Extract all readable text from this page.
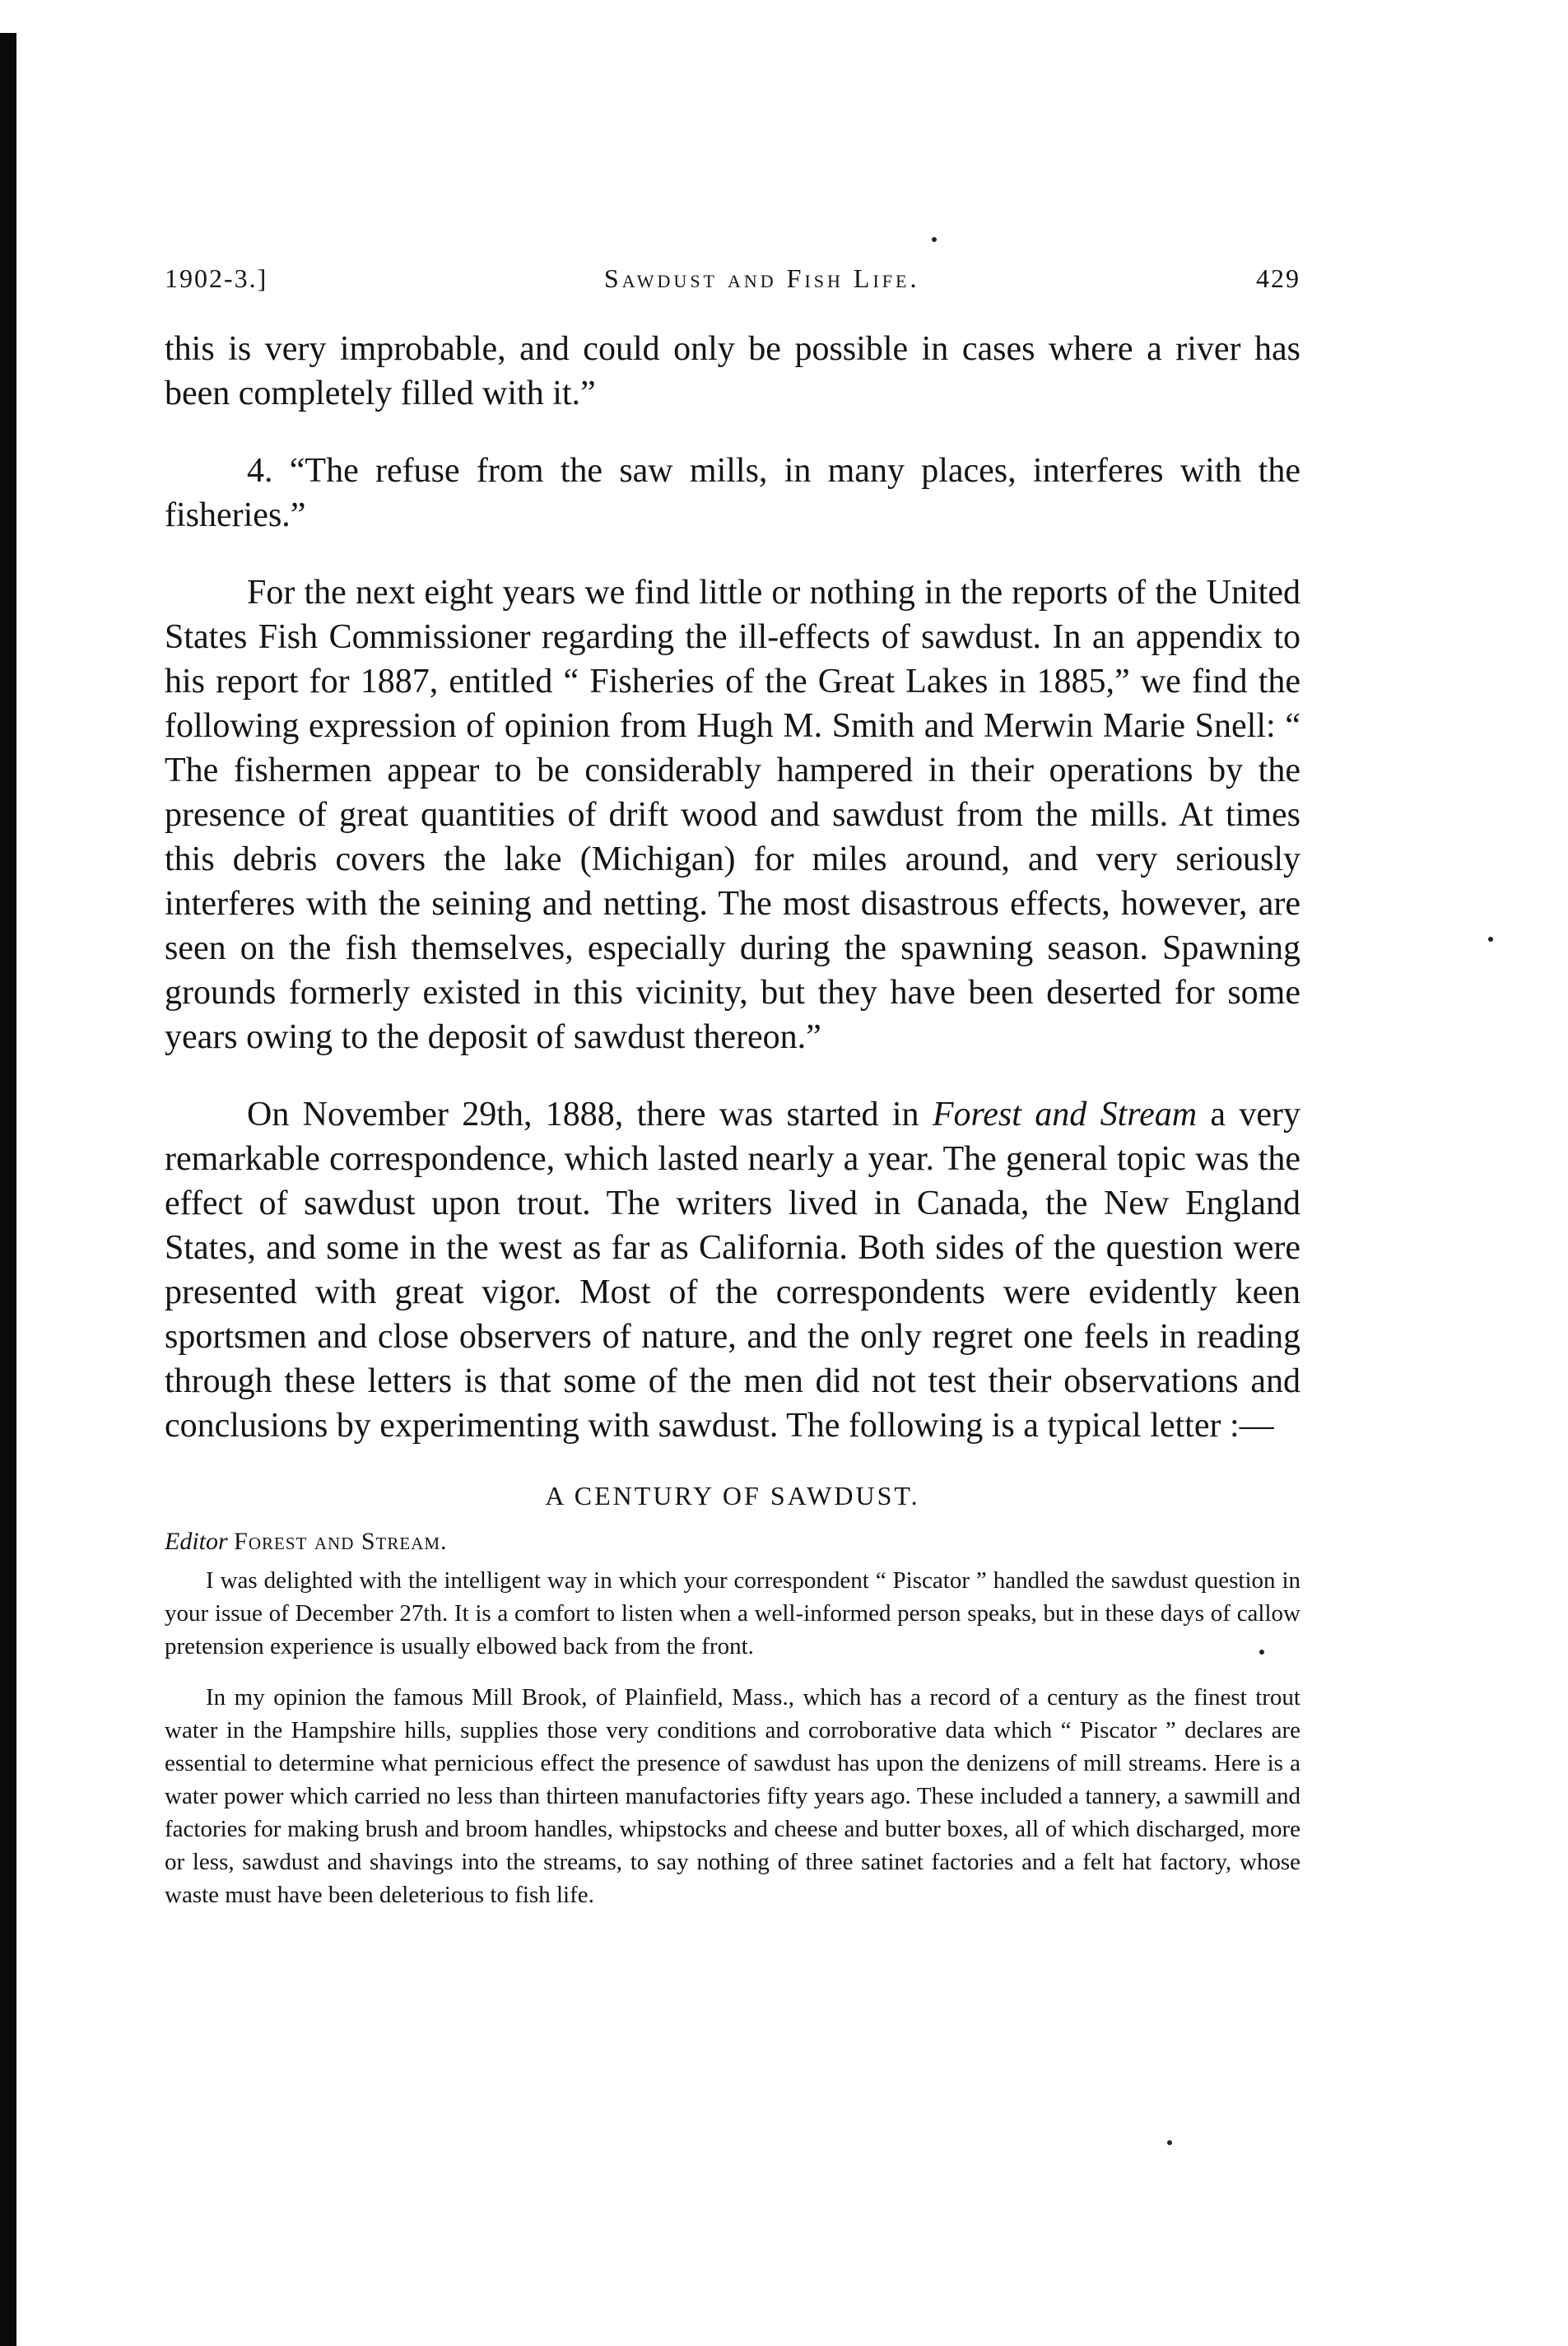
1902-3.]	Sawdust and Fish Life.	429

this is very improbable, and could only be possible in cases where a river has been completely filled with it.”

4. “The refuse from the saw mills, in many places, interferes with the fisheries.”

For the next eight years we find little or nothing in the reports of the United States Fish Commissioner regarding the ill-effects of sawdust. In an appendix to his report for 1887, entitled “ Fisheries of the Great Lakes in 1885,” we find the following expression of opinion from Hugh M. Smith and Merwin Marie Snell: “ The fishermen appear to be considerably hampered in their operations by the presence of great quantities of drift wood and sawdust from the mills. At times this debris covers the lake (Michigan) for miles around, and very seriously interferes with the seining and netting. The most disastrous effects, however, are seen on the fish themselves, especially during the spawning season. Spawning grounds formerly existed in this vicinity, but they have been deserted for some years owing to the deposit of sawdust thereon.”

On November 29th, 1888, there was started in Forest and Stream a very remarkable correspondence, which lasted nearly a year. The general topic was the effect of sawdust upon trout. The writers lived in Canada, the New England States, and some in the west as far as California. Both sides of the question were presented with great vigor. Most of the correspondents were evidently keen sportsmen and close observers of nature, and the only regret one feels in reading through these letters is that some of the men did not test their observations and conclusions by experimenting with sawdust. The following is a typical letter :—

A CENTURY OF SAWDUST.
Editor Forest and Stream.

I was delighted with the intelligent way in which your correspondent “ Piscator ” handled the sawdust question in your issue of December 27th. It is a comfort to listen when a well-informed person speaks, but in these days of callow pretension experience is usually elbowed back from the front.

In my opinion the famous Mill Brook, of Plainfield, Mass., which has a record of a century as the finest trout water in the Hampshire hills, supplies those very conditions and corroborative data which “ Piscator ” declares are essential to determine what pernicious effect the presence of sawdust has upon the denizens of mill streams. Here is a water power which carried no less than thirteen manufactories fifty years ago. These included a tannery, a sawmill and factories for making brush and broom handles, whipstocks and cheese and butter boxes, all of which discharged, more or less, sawdust and shavings into the streams, to say nothing of three satinet factories and a felt hat factory, whose waste must have been deleterious to fish life.
